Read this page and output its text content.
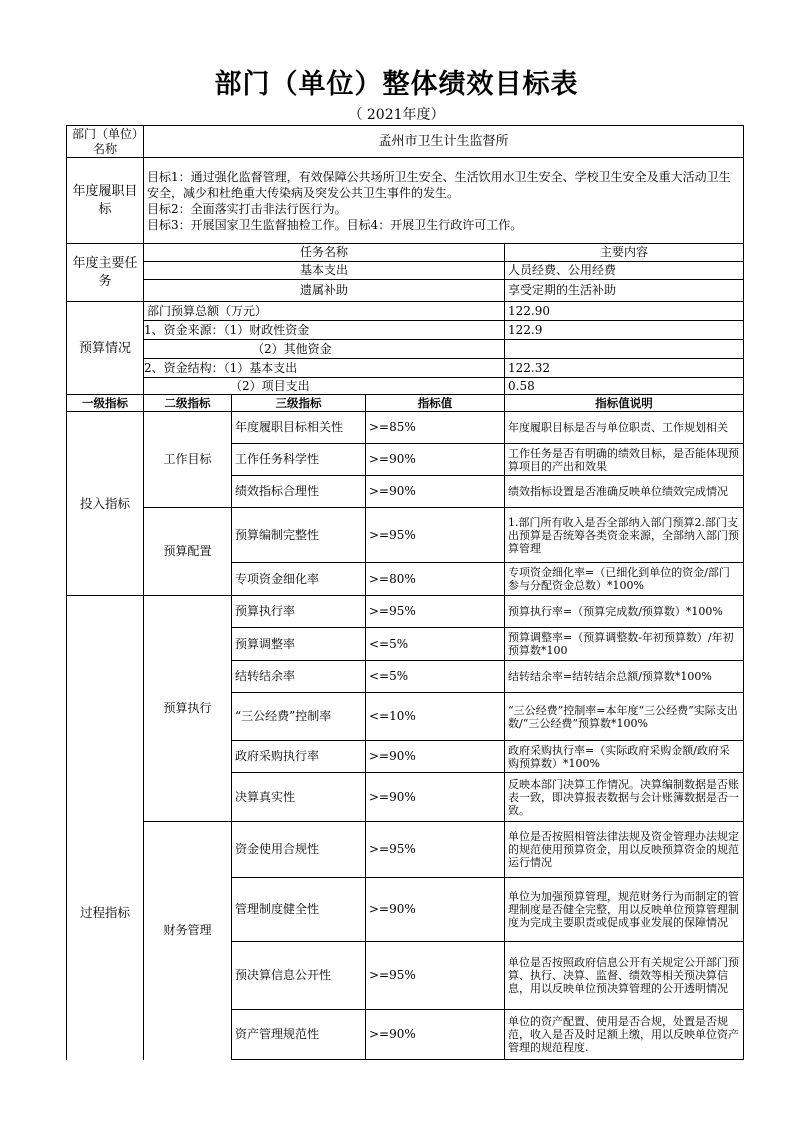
部门（单位）整体绩效目标表
（ 2021年度）
部门（单位）名称	孟州市卫生计生监督所			
年度履职目标	目标1：通过强化监督管理，有效保障公共场所卫生安全、生活饮用水卫生安全、学校卫生安全及重大活动卫生安全，减少和杜绝重大传染病及突发公共卫生事件的发生。
目标2：全面落实打击非法行医行为。
目标3：开展国家卫生监督抽检工作。目标4：开展卫生行政许可工作。			

年度主要任务	任务名称			主要内容
	基本支出			人员经费、公用经费
	遗属补助			享受定期的生活补助
预算情况	部门预算总额（万元）			122.90
	1、资金来源：（1）财政性资金			122.9
	（2）其他资金			
	2、资金结构：（1）基本支出			122.32
	（2）项目支出			0.58
一级指标	二级指标	三级指标	指标值	指标值说明
投入指标	工作目标	年度履职目标相关性	>=85%	年度履职目标是否与单位职责、工作规划相关
		工作任务科学性	>=90%	工作任务是否有明确的绩效目标，是否能体现预算项目的产出和效果
		绩效指标合理性	>=90%	绩效指标设置是否准确反映单位绩效完成情况
	预算配置	预算编制完整性	>=95%	1.部门所有收入是否全部纳入部门预算2.部门支出预算是否统筹各类资金来源，全部纳入部门预算管理
		专项资金细化率	>=80%	专项资金细化率=（已细化到单位的资金/部门参与分配资金总数）*100%
过程指标	预算执行	预算执行率	>=95%	预算执行率=（预算完成数/预算数）*100%
		预算调整率	<=5%	预算调整率=（预算调整数-年初预算数）/年初预算数*100
		结转结余率	<=5%	结转结余率=结转结余总额/预算数*100%
		“三公经费”控制率	<=10%	“三公经费”控制率=本年度“三公经费”实际支出数/“三公经费”预算数*100%
		政府采购执行率	>=90%	政府采购执行率=（实际政府采购金额/政府采购预算数）*100%
		决算真实性	>=90%	反映本部门决算工作情况。决算编制数据是否账表一致，即决算报表数据与会计账簿数据是否一致。
	财务管理	资金使用合规性	>=95%	单位是否按照相管法律法规及资金管理办法规定的规范使用预算资金，用以反映预算资金的规范运行情况
		管理制度健全性	>=90%	单位为加强预算管理，规范财务行为而制定的管理制度是否健全完整，用以反映单位预算管理制度为完成主要职责或促成事业发展的保障情况
		预决算信息公开性	>=95%	单位是否按照政府信息公开有关规定公开部门预算、执行、决算、监督、绩效等相关预决算信息，用以反映单位预决算管理的公开透明情况
		资产管理规范性	>=90%	单位的资产配置、使用是否合规，处置是否规范，收入是否及时足额上缴，用以反映单位资产管理的规范程度.
